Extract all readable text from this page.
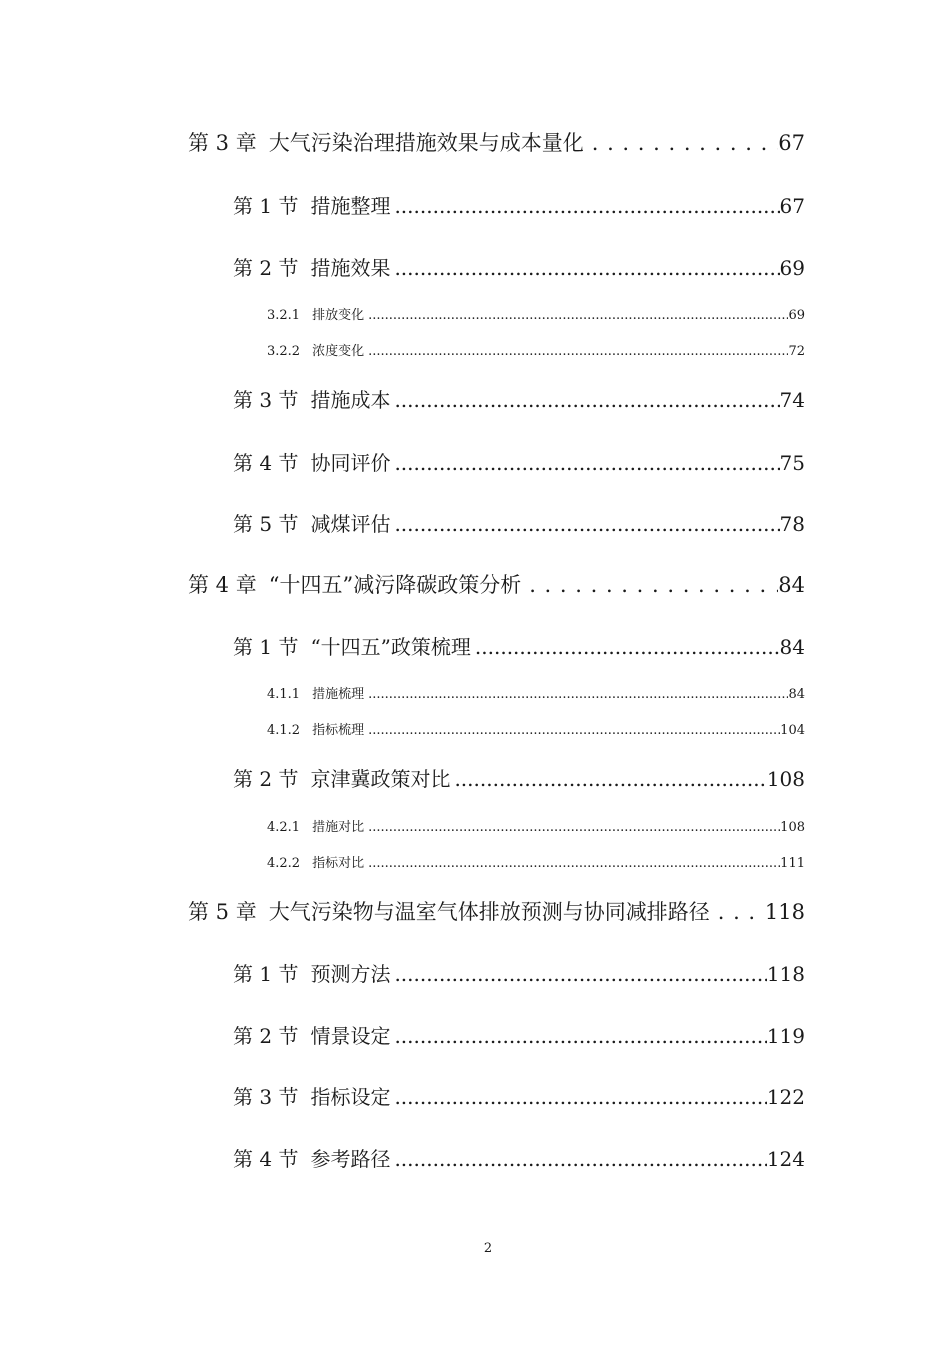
第 3 章 大气污染治理措施效果与成本量化 . . .	67
第 1 节 措施整理 .....	67
第 2 节 措施效果 .....	69
3.2.1 排放变化 .....	69
3.2.2 浓度变化 .....	72
第 3 节 措施成本 .....	74
第 4 节 协同评价 .....	75
第 5 节 减煤评估 .....	78
第 4 章 “十四五”减污降碳政策分析 . . .	84
第 1 节 “十四五”政策梳理 .....	84
4.1.1 措施梳理 .....	84
4.1.2 指标梳理 .....	104
第 2 节 京津冀政策对比 .....	108
4.2.1 措施对比 .....	108
4.2.2 指标对比 .....	111
第 5 章 大气污染物与温室气体排放预测与协同减排路径 . . .	118
第 1 节 预测方法 .....	118
第 2 节 情景设定 .....	119
第 3 节 指标设定 .....	122
第 4 节 参考路径 .....	124
2
